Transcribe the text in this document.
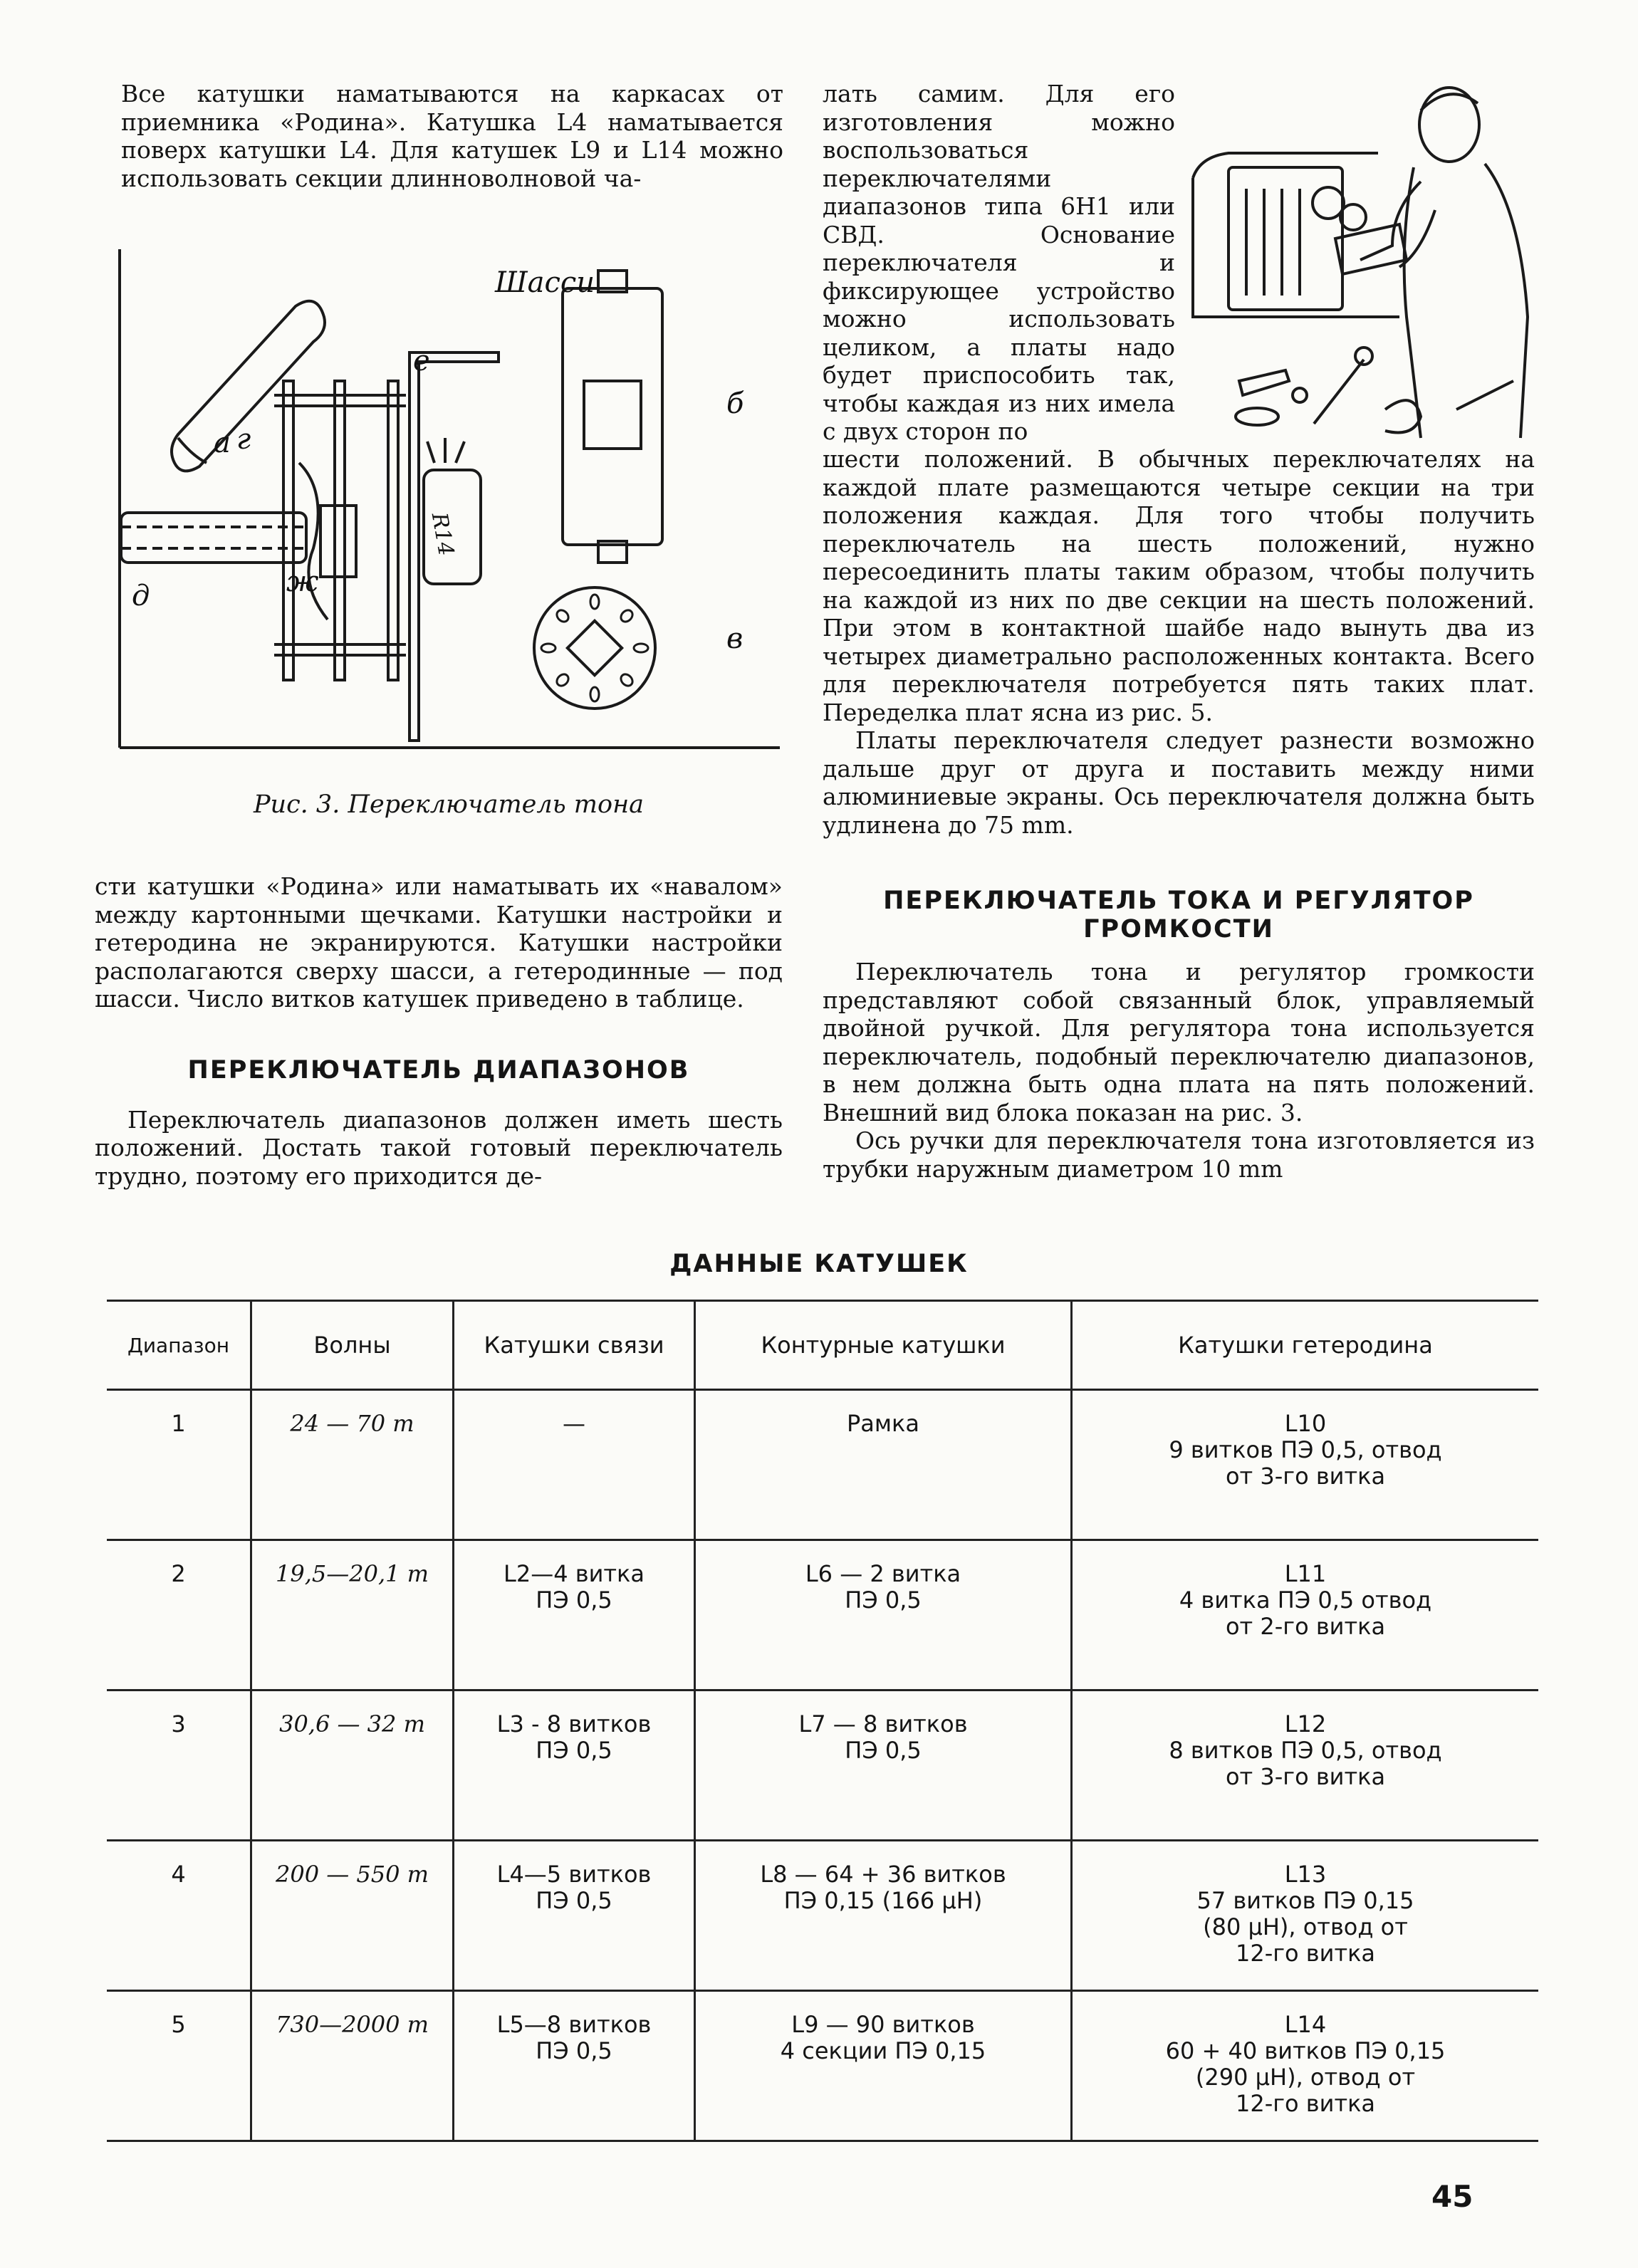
Все катушки наматываются на каркасах от приемника «Родина». Катушка L4 наматывается поверх катушки L4. Для катушек L9 и L14 можно использовать секции длинноволновой ча-

Шасси
а
б
в
г
д
е
ж
R14
Рис. 3. Переключатель тона

сти катушки «Родина» или наматывать их «навалом» между картонными щечками. Катушки настройки и гетеродина не экранируются. Катушки настройки располагаются сверху шасси, а гетеродинные — под шасси. Число витков катушек приведено в таблице.

ПЕРЕКЛЮЧАТЕЛЬ ДИАПАЗОНОВ

Переключатель диапазонов должен иметь шесть положений. Достать такой готовый переключатель трудно, поэтому его приходится де-

лать самим. Для его изготовления можно воспользоваться переключателями диапазонов типа 6Н1 или СВД. Основание переключателя и фиксирующее устройство можно использовать целиком, а платы надо будет приспособить так, чтобы каждая из них имела с двух сторон по

шести положений. В обычных переключателях на каждой плате размещаются четыре секции на три положения каждая. Для того чтобы получить переключатель на шесть положений, нужно пересоединить платы таким образом, чтобы получить на каждой из них по две секции на шесть положений. При этом в контактной шайбе надо вынуть два из четырех диаметрально расположенных контакта. Всего для переключателя потребуется пять таких плат. Переделка плат ясна из рис. 5.

Платы переключателя следует разнести возможно дальше друг от друга и поставить между ними алюминиевые экраны. Ось переключателя должна быть удлинена до 75 mm.

ПЕРЕКЛЮЧАТЕЛЬ ТОКА И РЕГУЛЯТОР ГРОМКОСТИ

Переключатель тона и регулятор громкости представляют собой связанный блок, управляемый двойной ручкой. Для регулятора тона используется переключатель, подобный переключателю диапазонов, в нем должна быть одна плата на пять положений. Внешний вид блока показан на рис. 3.

Ось ручки для переключателя тона изготовляется из трубки наружным диаметром 10 mm

ДАННЫЕ КАТУШЕК
Диапазон	Волны	Катушки связи	Контурные катушки	Катушки гетеродина
1	24 — 70 m	—	Рамка	L10
9 витков ПЭ 0,5, отвод
от 3-го витка

2	19,5—20,1 m	L2—4 витка
ПЭ 0,5	L6 — 2 витка
ПЭ 0,5	L11
4 витка ПЭ 0,5 отвод
от 2-го витка

3	30,6 — 32 m	L3 - 8 витков
ПЭ 0,5	L7 — 8 витков
ПЭ 0,5	L12
8 витков ПЭ 0,5, отвод
от 3-го витка

4	200 — 550 m	L4—5 витков
ПЭ 0,5	L8 — 64 + 36 витков
ПЭ 0,15 (166 μH)	L13
57 витков ПЭ 0,15
(80 μH), отвод от
12-го витка

5	730—2000 m	L5—8 витков
ПЭ 0,5	L9 — 90 витков
4 секции ПЭ 0,15	L14
60 + 40 витков ПЭ 0,15
(290 μH), отвод от
12-го витка
45
